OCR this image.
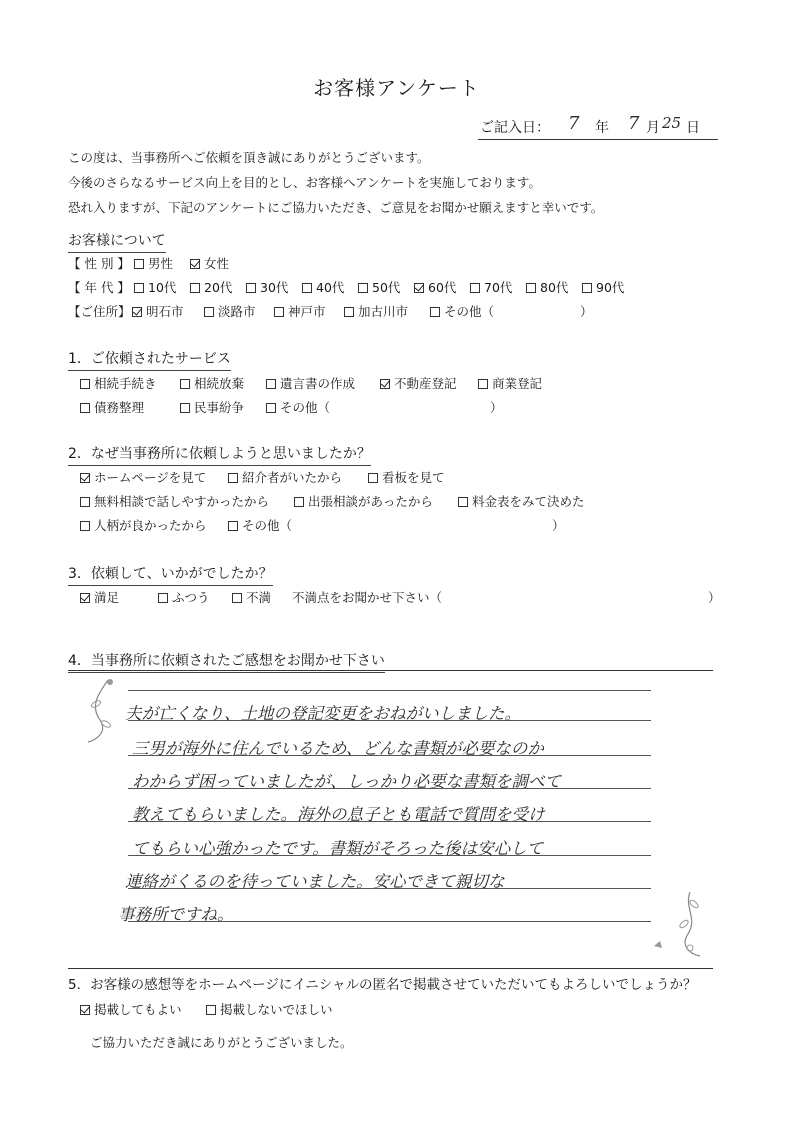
お客様アンケート
ご記入日： 7 年 7 月 25 日
この度は、当事務所へご依頼を頂き誠にありがとうございます。
今後のさらなるサービス向上を目的とし、お客様へアンケートを実施しております。
恐れ入りますが、下記のアンケートにご協力いただき、ご意見をお聞かせ願えますと幸いです。
お客様について
【 性 別 】	男性	女性
【 年 代 】	10代	20代	30代	40代	50代	60代	70代	80代	90代
【ご住所】	明石市	淡路市	神戸市	加古川市	その他（	）
1．ご依頼されたサービス
相続手続き	相続放棄	遺言書の作成	不動産登記	商業登記
債務整理	民事紛争	その他（	）
2．なぜ当事務所に依頼しようと思いましたか？
ホームページを見て	紹介者がいたから	看板を見て
無料相談で話しやすかったから	出張相談があったから	料金表をみて決めた
人柄が良かったから	その他（	）
3．依頼して、いかがでしたか？
満足	ふつう	不満 不満点をお聞かせ下さい（	）
4．当事務所に依頼されたご感想をお聞かせ下さい
夫が亡くなり、土地の登記変更をおねがいしました。
三男が海外に住んでいるため、どんな書類が必要なのか
わからず困っていましたが、しっかり必要な書類を調べて
教えてもらいました。海外の息子とも電話で質問を受け
てもらい心強かったです。書類がそろった後は安心して
連絡がくるのを待っていました。安心できて親切な
事務所ですね。
5．お客様の感想等をホームページにイニシャルの匿名で掲載させていただいてもよろしいでしょうか？
掲載してもよい	掲載しないでほしい
ご協力いただき誠にありがとうございました。
